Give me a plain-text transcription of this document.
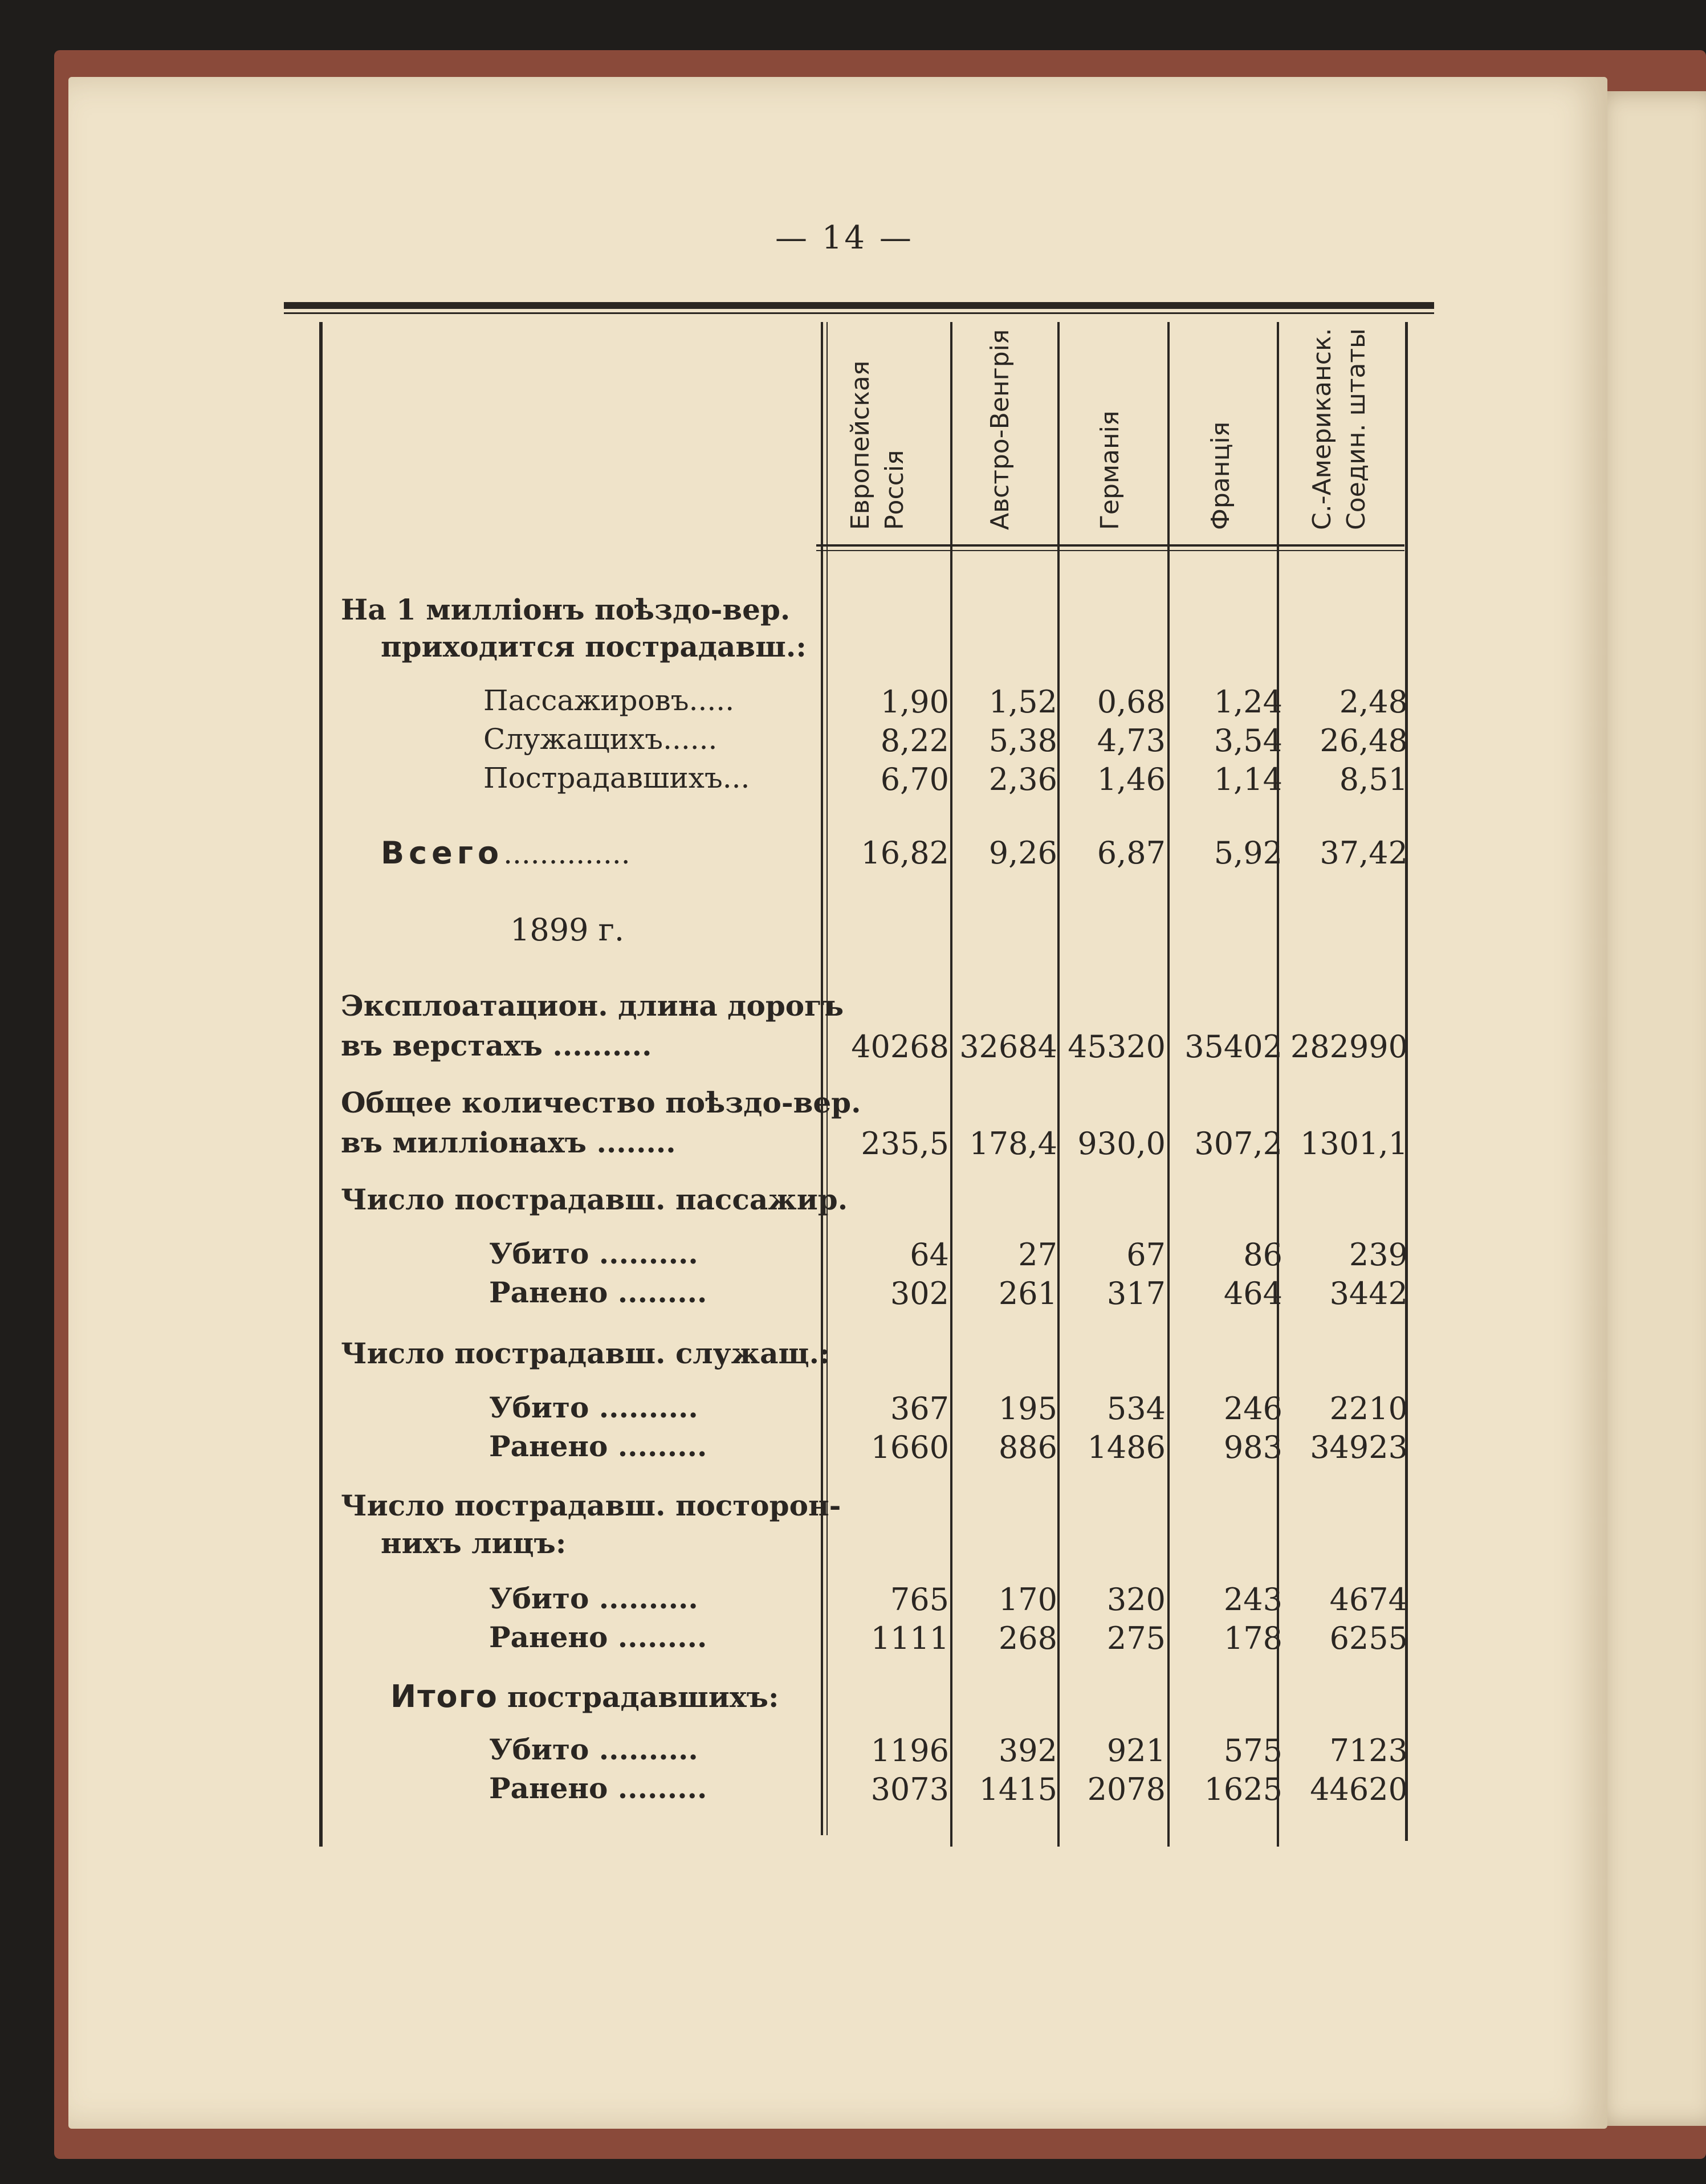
— 14 —
Европейская Россія	Австро-Венгрія	Германія	Франція	С.-Американск. Соедин. штаты
На 1 милліонъ поѣздо-вер.
приходится пострадавш.:
Пассажировъ.....	1,90	1,52	0,68	1,24	2,48
Служащихъ......	8,22	5,38	4,73	3,54	26,48
Пострадавшихъ...	6,70	2,36	1,46	1,14	8,51
Всего..............	16,82	9,26	6,87	5,92	37,42
1899 г.
Эксплоатацион. длина дорогъ
въ верстахъ ..........	40268 32684 45320 35402 282990
Общее количество поѣздо-вер.
въ милліонахъ ........	235,5 178,4 930,0 307,2 1301,1
Число пострадавш. пассажир.
Убито ..........	64	27	67	86	239
Ранено .........	302	261	317	464	3442
Число пострадавш. служащ.:
Убито ..........	367	195	534	246	2210
Ранено .........	1660	886 1486	983 34923
Число пострадавш. посторон-
нихъ лицъ:
Убито ..........	765	170	320	243	4674
Ранено .........	1111	268	275	178	6255
Итого пострадавшихъ:
Убито ..........	1196	392	921	575	7123
Ранено .........	3073 1415 2078	1625 44620
